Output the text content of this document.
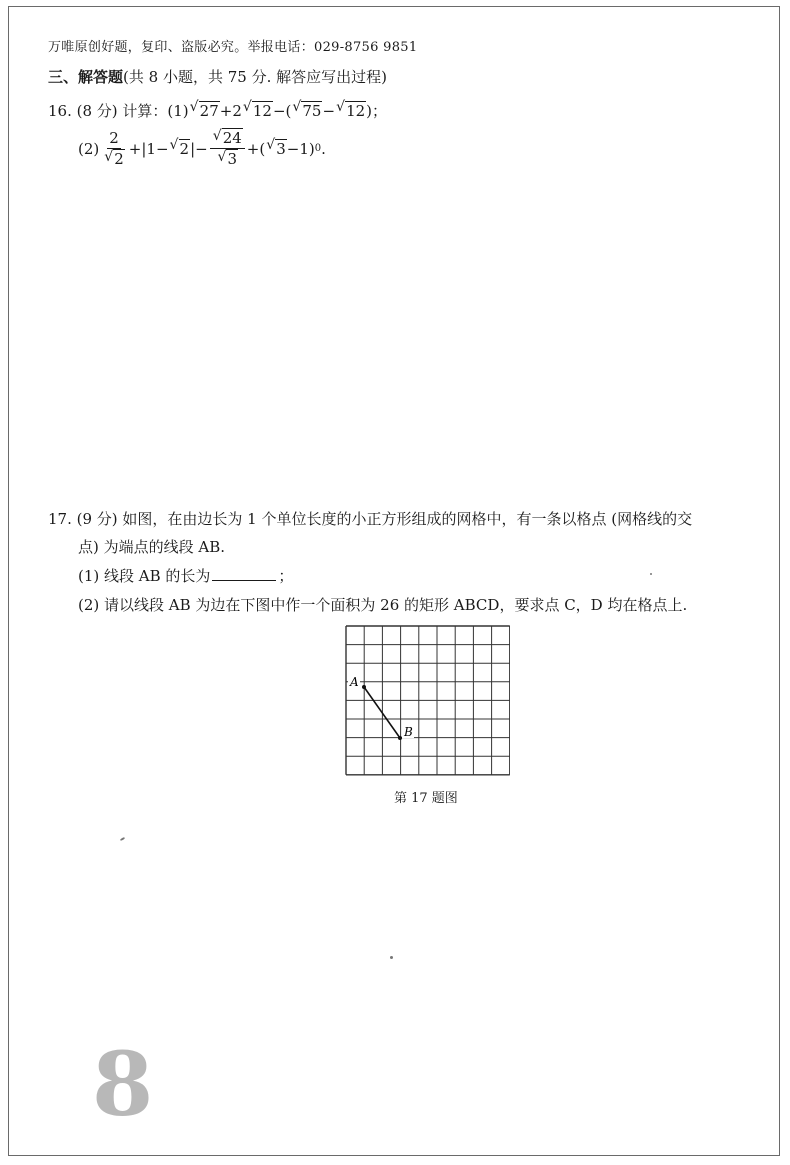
万唯原创好题，复印、盗版必究。举报电话：029-8756 9851
三、解答题(共 8 小题，共 75 分. 解答应写出过程)
16. (8 分) 计算：(1) √ 27 +2 √ 12 −( √ 75 − √ 12 )；
(2) 2
√ 2 +|1− √ 2 |− √ 24
√ 3 +( √ 3 −1) 0 .
17. (9 分) 如图，在由边长为 1 个单位长度的小正方形组成的网格中，有一条以格点 (网格线的交
点) 为端点的线段 AB.
(1) 线段 AB 的长为	；
(2) 请以线段 AB 为边在下图中作一个面积为 26 的矩形 ABCD，要求点 C，D 均在格点上.
A
B
第 17 题图
8
